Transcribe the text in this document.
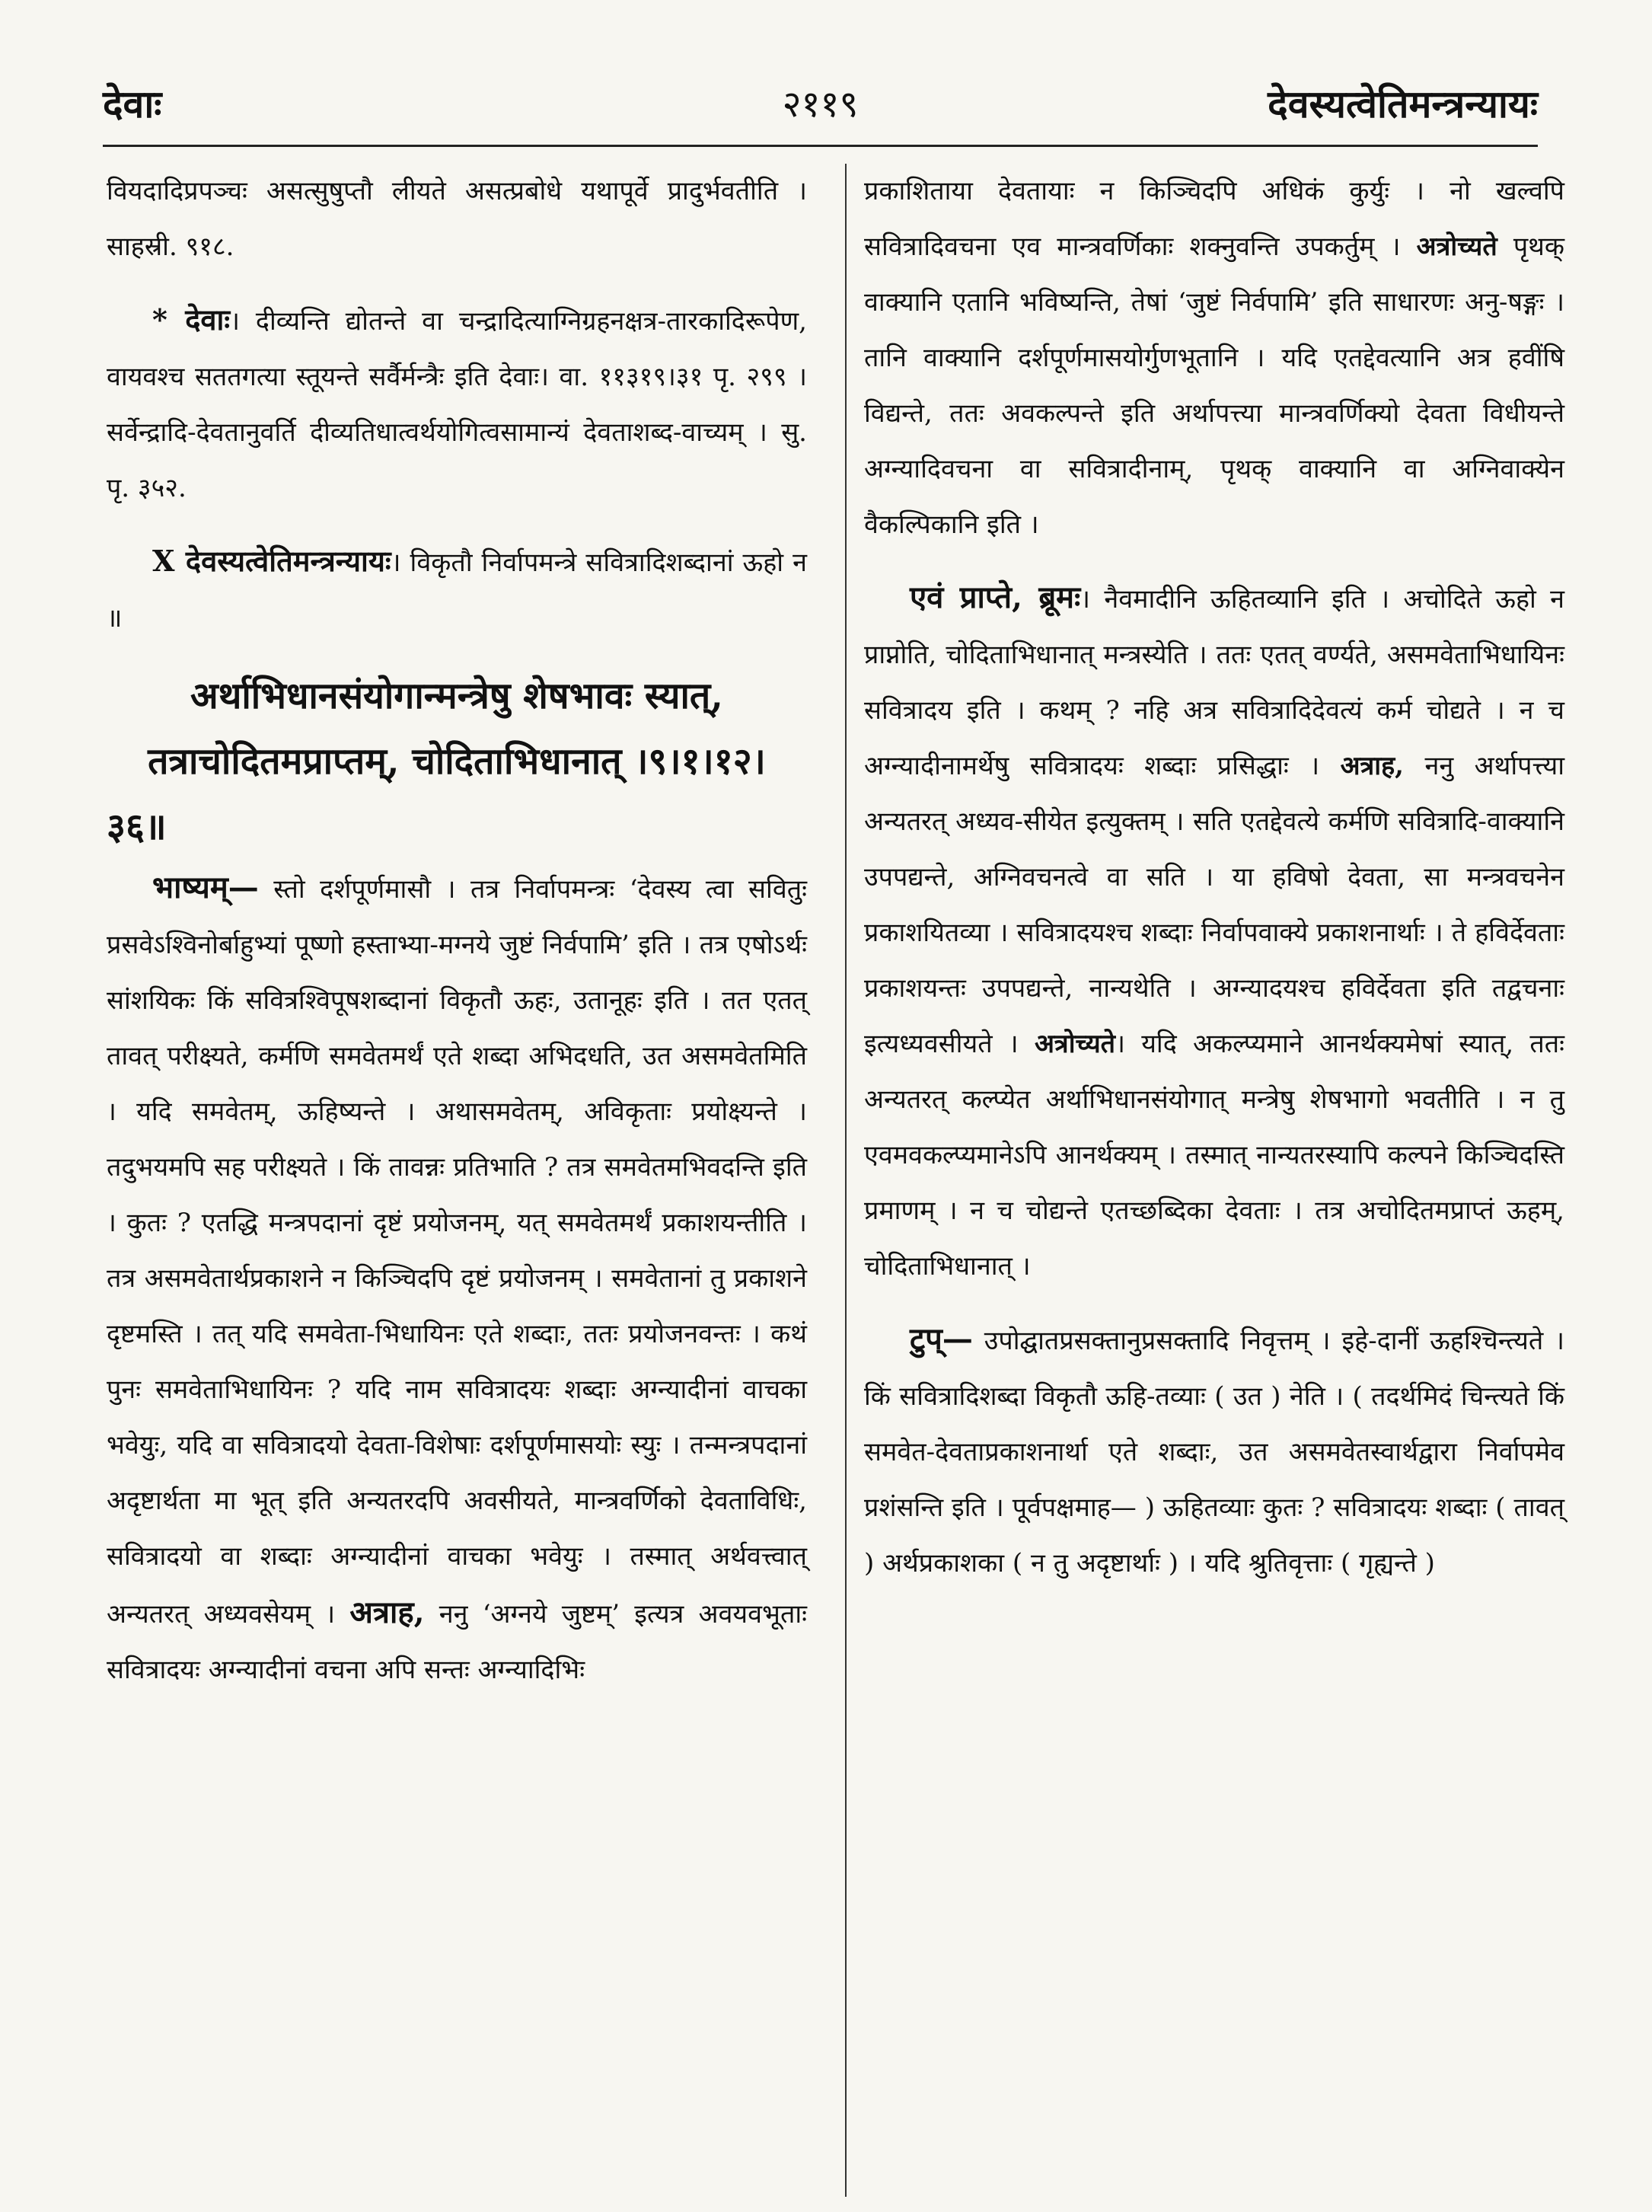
देवाः	२११९	देवस्यत्वेतिमन्त्रन्यायः

वियदादिप्रपञ्चः असत्सुषुप्तौ लीयते असत्प्रबोधे यथापूर्वे प्रादुर्भवतीति । साहस्री. ९१८.

* देवाः। दीव्यन्ति द्योतन्ते वा चन्द्रादित्याग्निग्रहनक्षत्र-तारकादिरूपेण, वायवश्च सततगत्या स्तूयन्ते सर्वैर्मन्त्रैः इति देवाः। वा. ११३१९।३१ पृ. २९९ । सर्वेन्द्रादि-देवतानुवर्ति दीव्यतिधात्वर्थयोगित्वसामान्यं देवताशब्द-वाच्यम् । सु. पृ. ३५२.

X देवस्यत्वेतिमन्त्रन्यायः। विकृतौ निर्वापमन्त्रे सवित्रादिशब्दानां ऊहो न ॥

अर्थाभिधानसंयोगान्मन्त्रेषु शेषभावः स्यात्,

तत्राचोदितमप्राप्तम्, चोदिताभिधानात् ।९।१।१२।

३६॥

भाष्यम्— स्तो दर्शपूर्णमासौ । तत्र निर्वापमन्त्रः ‘देवस्य त्वा सवितुः प्रसवेऽश्विनोर्बाहुभ्यां पूष्णो हस्ताभ्या-मग्नये जुष्टं निर्वपामि’ इति । तत्र एषोऽर्थः सांशयिकः किं सवित्रश्विपूषशब्दानां विकृतौ ऊहः, उतानूहः इति । तत एतत् तावत् परीक्ष्यते, कर्मणि समवेतमर्थं एते शब्दा अभिदधति, उत असमवेतमिति । यदि समवेतम्, ऊहिष्यन्ते । अथासमवेतम्, अविकृताः प्रयोक्ष्यन्ते । तदुभयमपि सह परीक्ष्यते । किं तावन्नः प्रतिभाति ? तत्र समवेतमभिवदन्ति इति । कुतः ? एतद्धि मन्त्रपदानां दृष्टं प्रयोजनम्, यत् समवेतमर्थं प्रकाशयन्तीति । तत्र असमवेतार्थप्रकाशने न किञ्चिदपि दृष्टं प्रयोजनम् । समवेतानां तु प्रकाशने दृष्टमस्ति । तत् यदि समवेता-भिधायिनः एते शब्दाः, ततः प्रयोजनवन्तः । कथं पुनः समवेताभिधायिनः ? यदि नाम सवित्रादयः शब्दाः अग्न्यादीनां वाचका भवेयुः, यदि वा सवित्रादयो देवता-विशेषाः दर्शपूर्णमासयोः स्युः । तन्मन्त्रपदानां अदृष्टार्थता मा भूत् इति अन्यतरदपि अवसीयते, मान्त्रवर्णिको देवताविधिः, सवित्रादयो वा शब्दाः अग्न्यादीनां वाचका भवेयुः । तस्मात् अर्थवत्त्वात् अन्यतरत् अध्यवसेयम् । अत्राह, ननु ‘अग्नये जुष्टम्’ इत्यत्र अवयवभूताः सवित्रादयः अग्न्यादीनां वचना अपि सन्तः अग्न्यादिभिः

प्रकाशिताया देवतायाः न किञ्चिदपि अधिकं कुर्युः । नो खल्वपि सवित्रादिवचना एव मान्त्रवर्णिकाः शक्नुवन्ति उपकर्तुम् । अत्रोच्यते पृथक् वाक्यानि एतानि भविष्यन्ति, तेषां ‘जुष्टं निर्वपामि’ इति साधारणः अनु-षङ्गः । तानि वाक्यानि दर्शपूर्णमासयोर्गुणभूतानि । यदि एतद्देवत्यानि अत्र हवींषि विद्यन्ते, ततः अवकल्पन्ते इति अर्थापत्त्या मान्त्रवर्णिक्यो देवता विधीयन्ते अग्न्यादिवचना वा सवित्रादीनाम्, पृथक् वाक्यानि वा अग्निवाक्येन वैकल्पिकानि इति ।

एवं प्राप्ते, ब्रूमः। नैवमादीनि ऊहितव्यानि इति । अचोदिते ऊहो न प्राप्नोति, चोदिताभिधानात् मन्त्रस्येति । ततः एतत् वर्ण्यते, असमवेताभिधायिनः सवित्रादय इति । कथम् ? नहि अत्र सवित्रादिदेवत्यं कर्म चोद्यते । न च अग्न्यादीनामर्थेषु सवित्रादयः शब्दाः प्रसिद्धाः । अत्राह, ननु अर्थापत्त्या अन्यतरत् अध्यव-सीयेत इत्युक्तम् । सति एतद्देवत्ये कर्मणि सवित्रादि-वाक्यानि उपपद्यन्ते, अग्निवचनत्वे वा सति । या हविषो देवता, सा मन्त्रवचनेन प्रकाशयितव्या । सवित्रादयश्च शब्दाः निर्वापवाक्ये प्रकाशनार्थाः । ते हविर्देवताः प्रकाशयन्तः उपपद्यन्ते, नान्यथेति । अग्न्यादयश्च हविर्देवता इति तद्वचनाः इत्यध्यवसीयते । अत्रोच्यते। यदि अकल्प्यमाने आनर्थक्यमेषां स्यात्, ततः अन्यतरत् कल्प्येत अर्थाभिधानसंयोगात् मन्त्रेषु शेषभागो भवतीति । न तु एवमवकल्प्यमानेऽपि आनर्थक्यम् । तस्मात् नान्यतरस्यापि कल्पने किञ्चिदस्ति प्रमाणम् । न च चोद्यन्ते एतच्छब्दिका देवताः । तत्र अचोदितमप्राप्तं ऊहम्, चोदिताभिधानात् ।

टुप्— उपोद्घातप्रसक्तानुप्रसक्तादि निवृत्तम् । इहे-दानीं ऊहश्चिन्त्यते । किं सवित्रादिशब्दा विकृतौ ऊहि-तव्याः ( उत ) नेति । ( तदर्थमिदं चिन्त्यते किं समवेत-देवताप्रकाशनार्था एते शब्दाः, उत असमवेतस्वार्थद्वारा निर्वापमेव प्रशंसन्ति इति । पूर्वपक्षमाह— ) ऊहितव्याः कुतः ? सवित्रादयः शब्दाः ( तावत् ) अर्थप्रकाशका ( न तु अदृष्टार्थाः ) । यदि श्रुतिवृत्ताः ( गृह्यन्ते )
